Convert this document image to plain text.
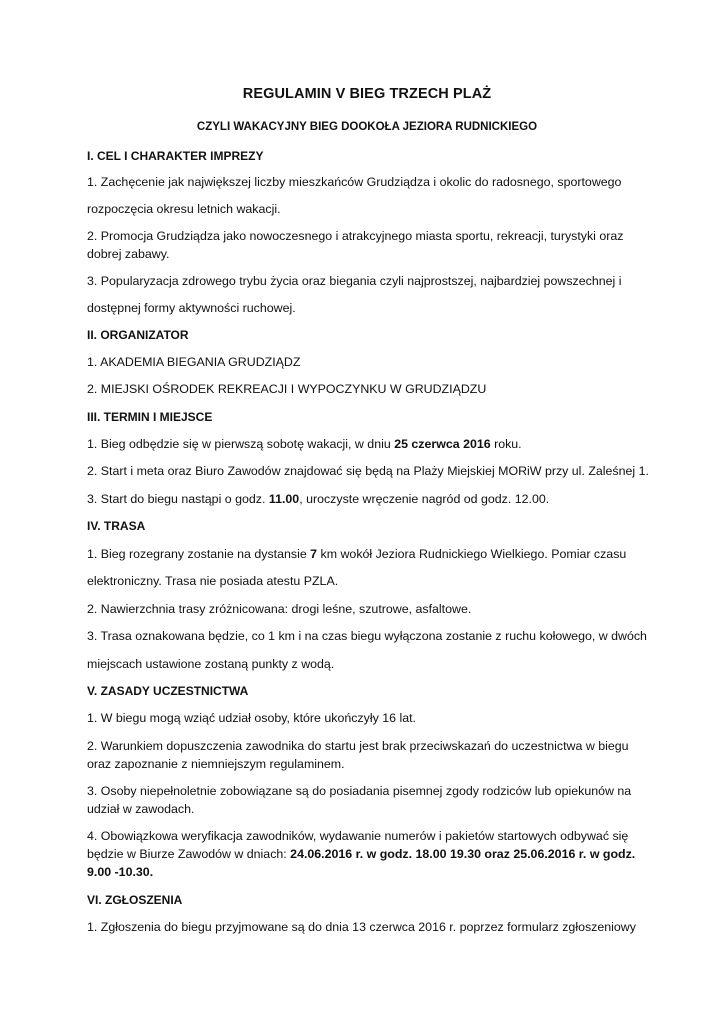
REGULAMIN V BIEG TRZECH PLAŻ
CZYLI WAKACYJNY BIEG DOOKOŁA JEZIORA RUDNICKIEGO
I. CEL I CHARAKTER IMPREZY
1. Zachęcenie jak największej liczby mieszkańców Grudziądza i okolic do radosnego, sportowego
rozpoczęcia okresu letnich wakacji.
2. Promocja Grudziądza jako nowoczesnego i atrakcyjnego miasta sportu, rekreacji, turystyki oraz
dobrej zabawy.
3. Popularyzacja zdrowego trybu życia oraz biegania czyli najprostszej, najbardziej powszechnej i
dostępnej formy aktywności ruchowej.
II. ORGANIZATOR
1. AKADEMIA BIEGANIA GRUDZIĄDZ
2. MIEJSKI OŚRODEK REKREACJI I WYPOCZYNKU W GRUDZIĄDZU
III. TERMIN I MIEJSCE
1. Bieg odbędzie się w pierwszą sobotę wakacji, w dniu 25 czerwca 2016 roku.
2. Start i meta oraz Biuro Zawodów znajdować się będą na Plaży Miejskiej MORiW przy ul. Zaleśnej 1.
3. Start do biegu nastąpi o godz. 11.00, uroczyste wręczenie nagród od godz. 12.00.
IV. TRASA
1. Bieg rozegrany zostanie na dystansie 7 km wokół Jeziora Rudnickiego Wielkiego. Pomiar czasu
elektroniczny. Trasa nie posiada atestu PZLA.
2. Nawierzchnia trasy zróżnicowana: drogi leśne, szutrowe, asfaltowe.
3. Trasa oznakowana będzie, co 1 km i na czas biegu wyłączona zostanie z ruchu kołowego, w dwóch
miejscach ustawione zostaną punkty z wodą.
V. ZASADY UCZESTNICTWA
1. W biegu mogą wziąć udział osoby, które ukończyły 16 lat.
2. Warunkiem dopuszczenia zawodnika do startu jest brak przeciwskazań do uczestnictwa w biegu
oraz zapoznanie z niemniejszym regulaminem.
3. Osoby niepełnoletnie zobowiązane są do posiadania pisemnej zgody rodziców lub opiekunów na
udział w zawodach.
4. Obowiązkowa weryfikacja zawodników, wydawanie numerów i pakietów startowych odbywać się
będzie w Biurze Zawodów w dniach: 24.06.2016 r. w godz. 18.00 19.30 oraz 25.06.2016 r. w godz.
9.00 -10.30.
VI. ZGŁOSZENIA
1. Zgłoszenia do biegu przyjmowane są do dnia 13 czerwca 2016 r. poprzez formularz zgłoszeniowy
